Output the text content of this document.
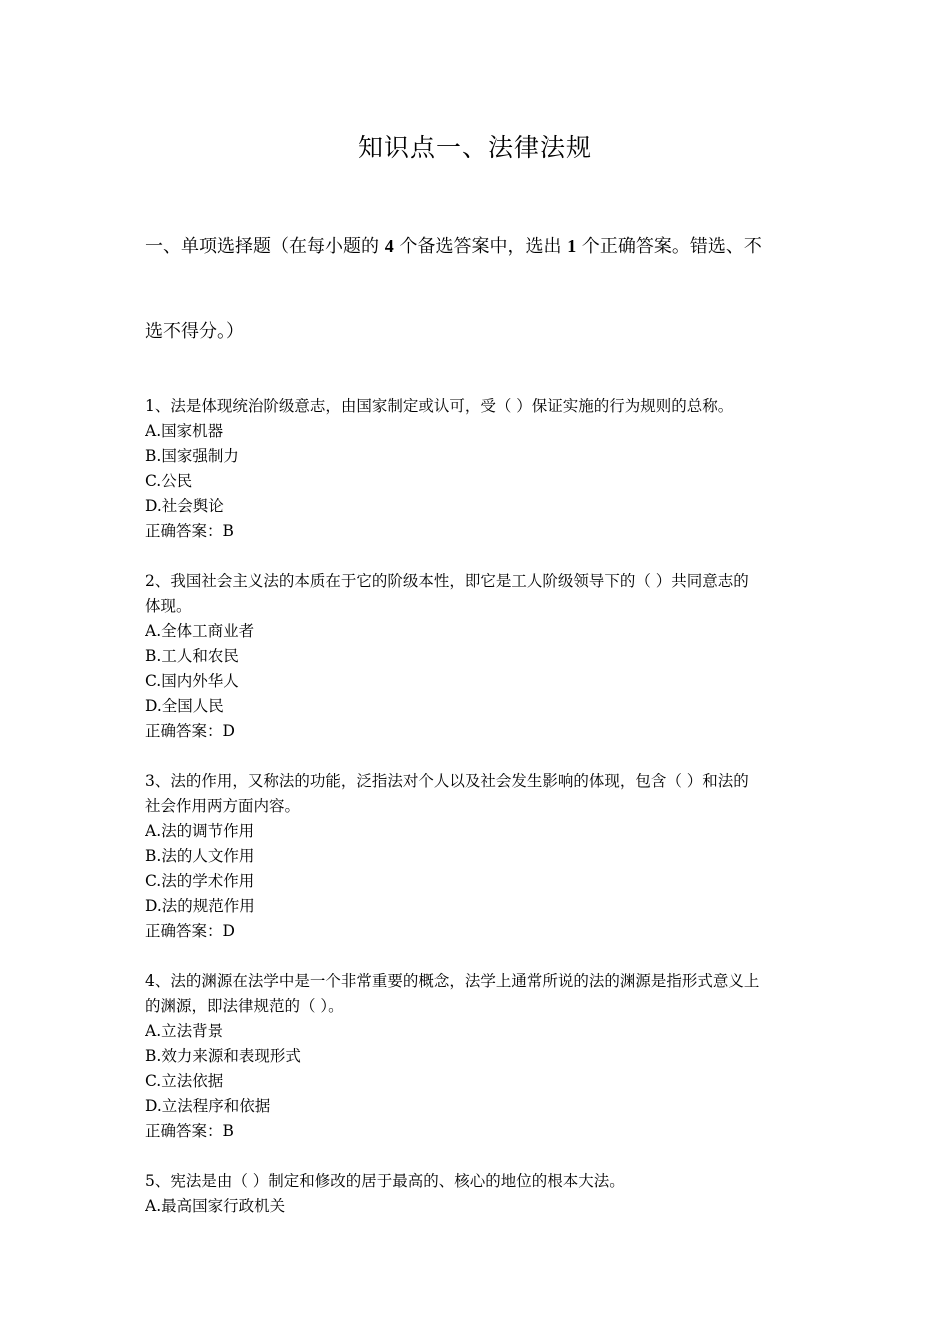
知识点一、法律法规
一、单项选择题（在每小题的 4 个备选答案中，选出 1 个正确答案。错选、不
选不得分。）
1、法是体现统治阶级意志，由国家制定或认可，受（ ）保证实施的行为规则的总称。
A.国家机器
B.国家强制力
C.公民
D.社会舆论
正确答案：B
2、我国社会主义法的本质在于它的阶级本性，即它是工人阶级领导下的（ ）共同意志的
体现。
A.全体工商业者
B.工人和农民
C.国内外华人
D.全国人民
正确答案：D
3、法的作用，又称法的功能，泛指法对个人以及社会发生影响的体现，包含（ ）和法的
社会作用两方面内容。
A.法的调节作用
B.法的人文作用
C.法的学术作用
D.法的规范作用
正确答案：D
4、法的渊源在法学中是一个非常重要的概念，法学上通常所说的法的渊源是指形式意义上
的渊源，即法律规范的（ ）。
A.立法背景
B.效力来源和表现形式
C.立法依据
D.立法程序和依据
正确答案：B
5、宪法是由（ ）制定和修改的居于最高的、核心的地位的根本大法。
A.最高国家行政机关
